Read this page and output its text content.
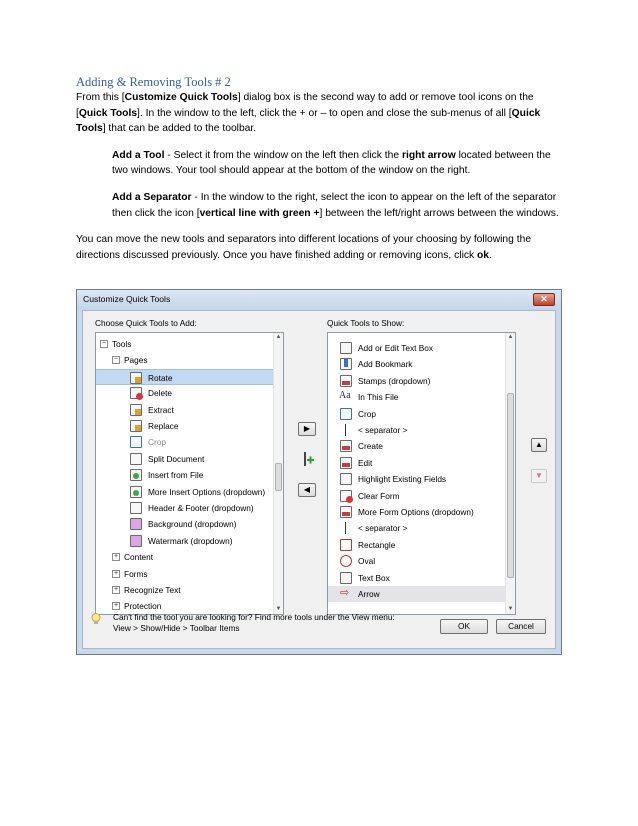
Adding & Removing Tools # 2
From this [Customize Quick Tools] dialog box is the second way to add or remove tool icons on the [Quick Tools]. In the window to the left, click the + or – to open and close the sub-menus of all [Quick Tools] that can be added to the toolbar.
Add a Tool - Select it from the window on the left then click the right arrow located between the two windows. Your tool should appear at the bottom of the window on the right.
Add a Separator - In the window to the right, select the icon to appear on the left of the separator then click the icon [vertical line with green +] between the left/right arrows between the windows.
You can move the new tools and separators into different locations of your choosing by following the directions discussed previously. Once you have finished adding or removing icons, click ok.
Customize Quick Tools	✕
Choose Quick Tools to Add:	Quick Tools to Show:
▲
▼
− Tools
− Pages
Rotate
Delete
Extract
Replace
Crop
Split Document
Insert from File
More Insert Options (dropdown)
Header & Footer (dropdown)
Background (dropdown)
Watermark (dropdown)
+ Content
+ Forms
+ Recognize Text
+ Protection
▲
▼
Add or Edit Text Box
Add Bookmark
Stamps (dropdown)
Aa In This File
Crop
< separator >
Create
Edit
Highlight Existing Fields
Clear Form
More Form Options (dropdown)
< separator >
Rectangle
Oval
Text Box
⇨ Arrow
▶
◀
▲
▼
Can't find the tool you are looking for? Find more tools under the View menu:
View > Show/Hide > Toolbar Items	OK	Cancel
